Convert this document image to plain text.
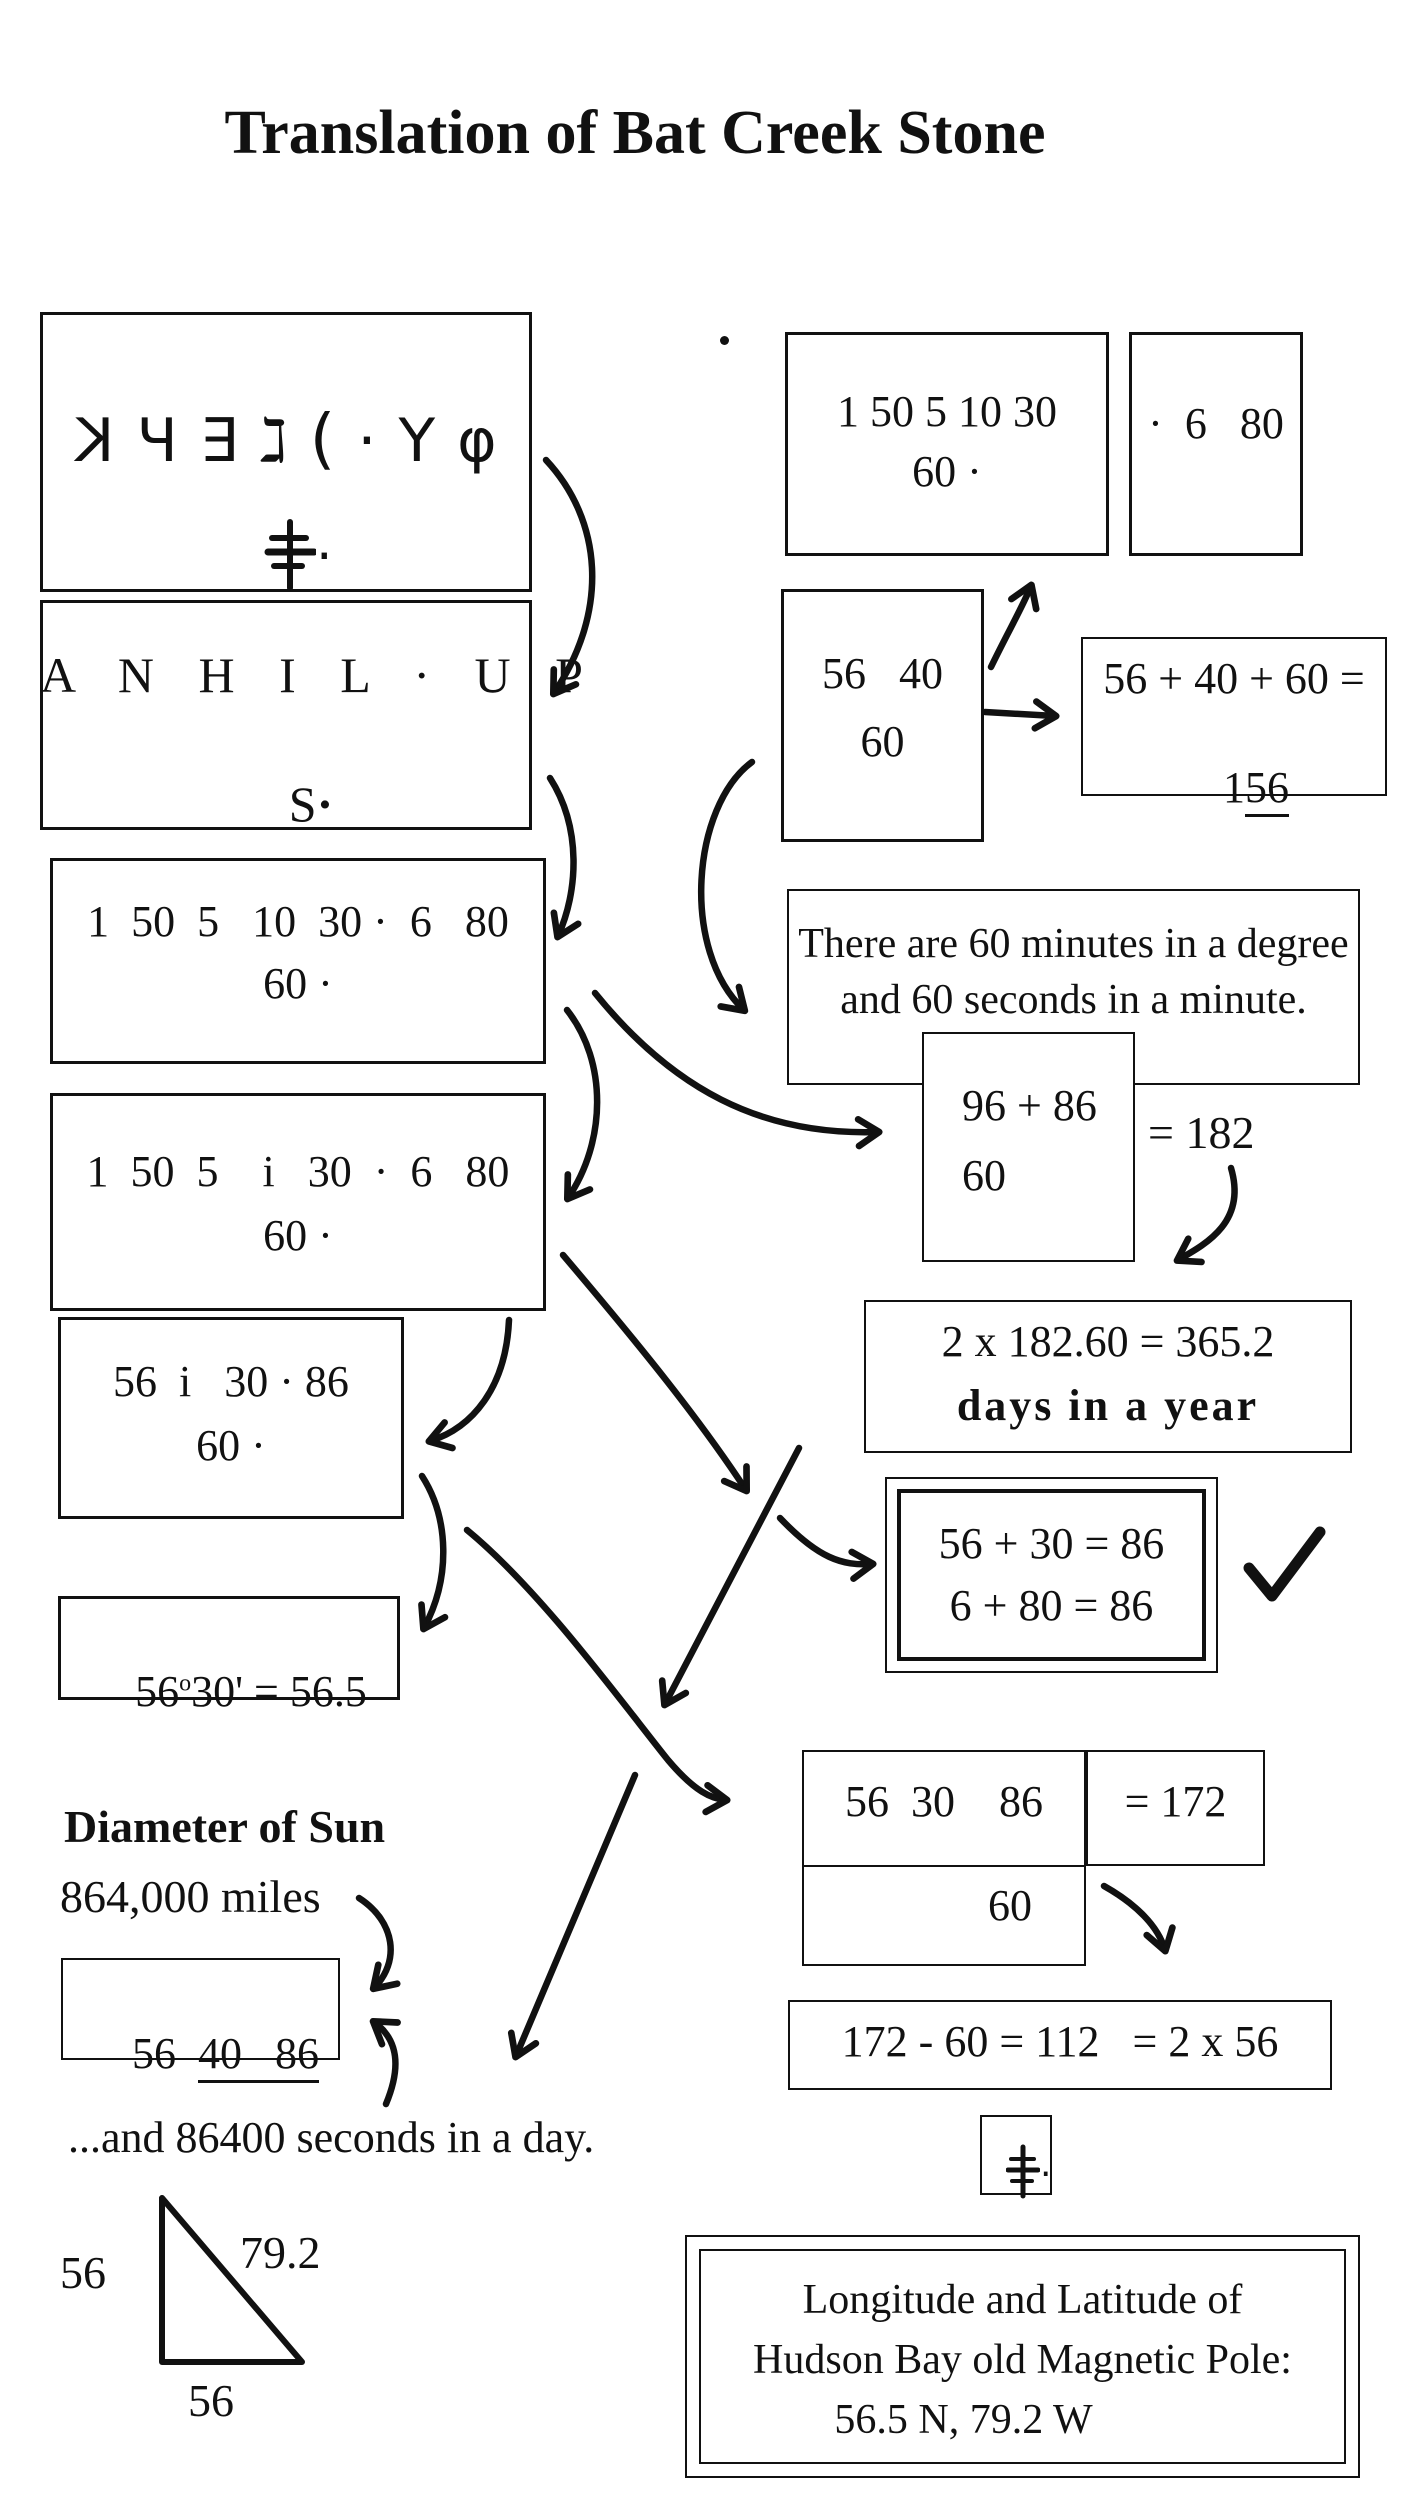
Translation of Bat Creek Stone
K Ч ∃ ℷ ( · Y φ

·

A N H I L · U P

S·

1  50  5   10  30 ·  6   80
60 ·
1  50  5    i   30  ·  6   80
60 ·
56  i   30 · 86
60 ·

$56^o30' = 56.5$

1 50 5 10 30
60 ·
·  6   80
56   40
60
56 + 40 + 60 =

156

There are 60 minutes in a degree
and 60 seconds in a minute.
96 + 86
60
= 182
2 x 182.60 = 365.2
days in a year
56 + 30 = 86
6 + 80 = 86
56  30    86	= 172
60
172 - 60 = 112   = 2 x 56
Diameter of Sun
864,000 miles

56  40   86

...and 86400 seconds in a day.

·

56	79.2
56
Longitude and Latitude of
Hudson Bay old Magnetic Pole:
56.5 N, 79.2 W
